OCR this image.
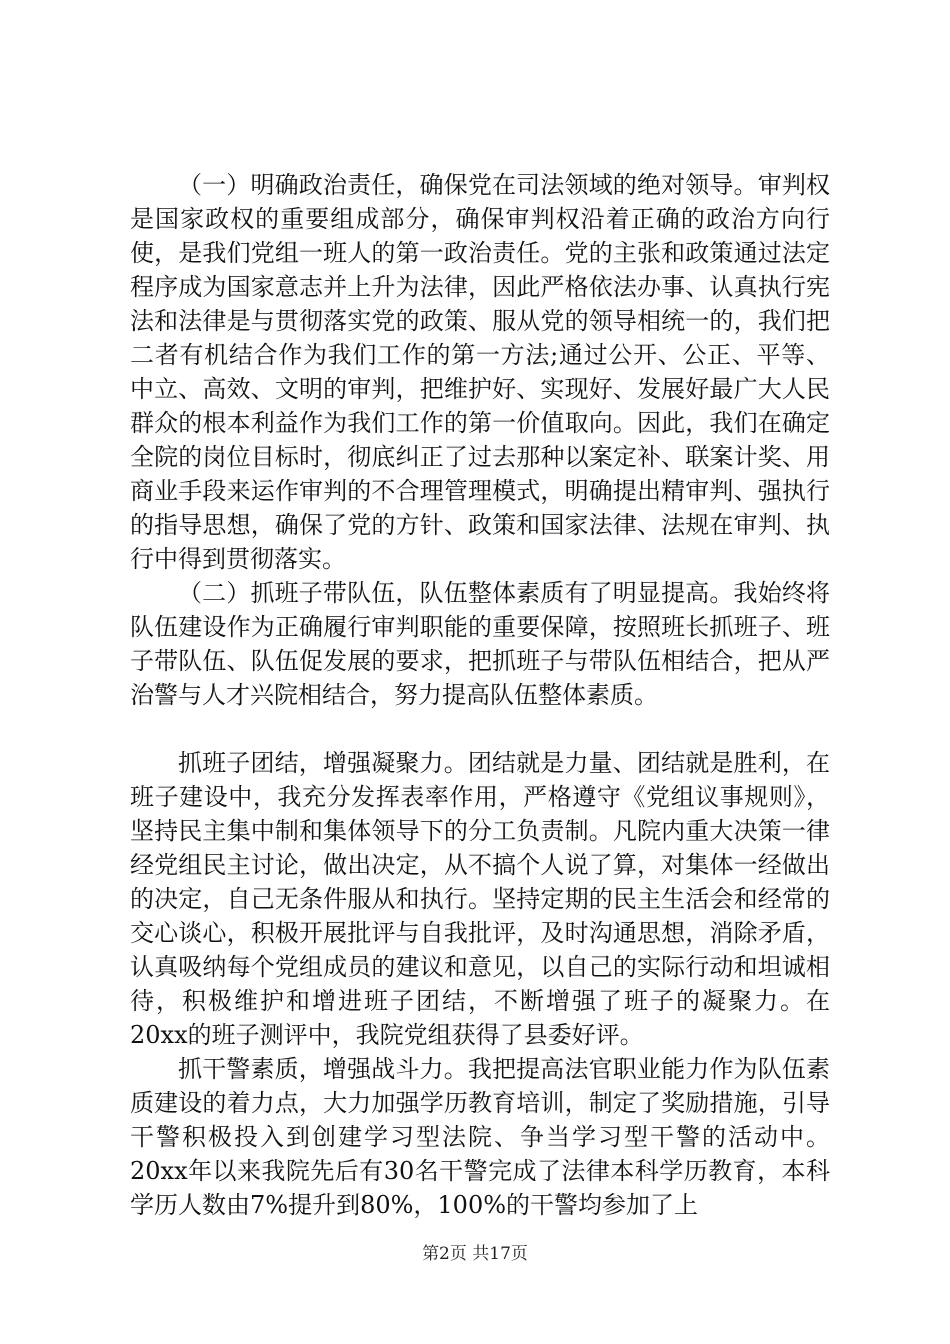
（一）明确政治责任，确保党在司法领域的绝对领导。审判权是国家政权的重要组成部分，确保审判权沿着正确的政治方向行使，是我们党组一班人的第一政治责任。党的主张和政策通过法定程序成为国家意志并上升为法律，因此严格依法办事、认真执行宪法和法律是与贯彻落实党的政策、服从党的领导相统一的，我们把二者有机结合作为我们工作的第一方法;通过公开、公正、平等、中立、高效、文明的审判，把维护好、实现好、发展好最广大人民群众的根本利益作为我们工作的第一价值取向。因此，我们在确定全院的岗位目标时，彻底纠正了过去那种以案定补、联案计奖、用商业手段来运作审判的不合理管理模式，明确提出精审判、强执行的指导思想，确保了党的方针、政策和国家法律、法规在审判、执行中得到贯彻落实。

（二）抓班子带队伍，队伍整体素质有了明显提高。我始终将队伍建设作为正确履行审判职能的重要保障，按照班长抓班子、班子带队伍、队伍促发展的要求，把抓班子与带队伍相结合，把从严治警与人才兴院相结合，努力提高队伍整体素质。

抓班子团结，增强凝聚力。团结就是力量、团结就是胜利，在班子建设中，我充分发挥表率作用，严格遵守《党组议事规则》，坚持民主集中制和集体领导下的分工负责制。凡院内重大决策一律经党组民主讨论，做出决定，从不搞个人说了算，对集体一经做出的决定，自己无条件服从和执行。坚持定期的民主生活会和经常的交心谈心，积极开展批评与自我批评，及时沟通思想，消除矛盾，认真吸纳每个党组成员的建议和意见，以自己的实际行动和坦诚相待，积极维护和增进班子团结，不断增强了班子的凝聚力。在20xx的班子测评中，我院党组获得了县委好评。

抓干警素质，增强战斗力。我把提高法官职业能力作为队伍素质建设的着力点，大力加强学历教育培训，制定了奖励措施，引导干警积极投入到创建学习型法院、争当学习型干警的活动中。20xx年以来我院先后有30名干警完成了法律本科学历教育，本科学历人数由7%提升到80%，100%的干警均参加了上

第2页 共17页
